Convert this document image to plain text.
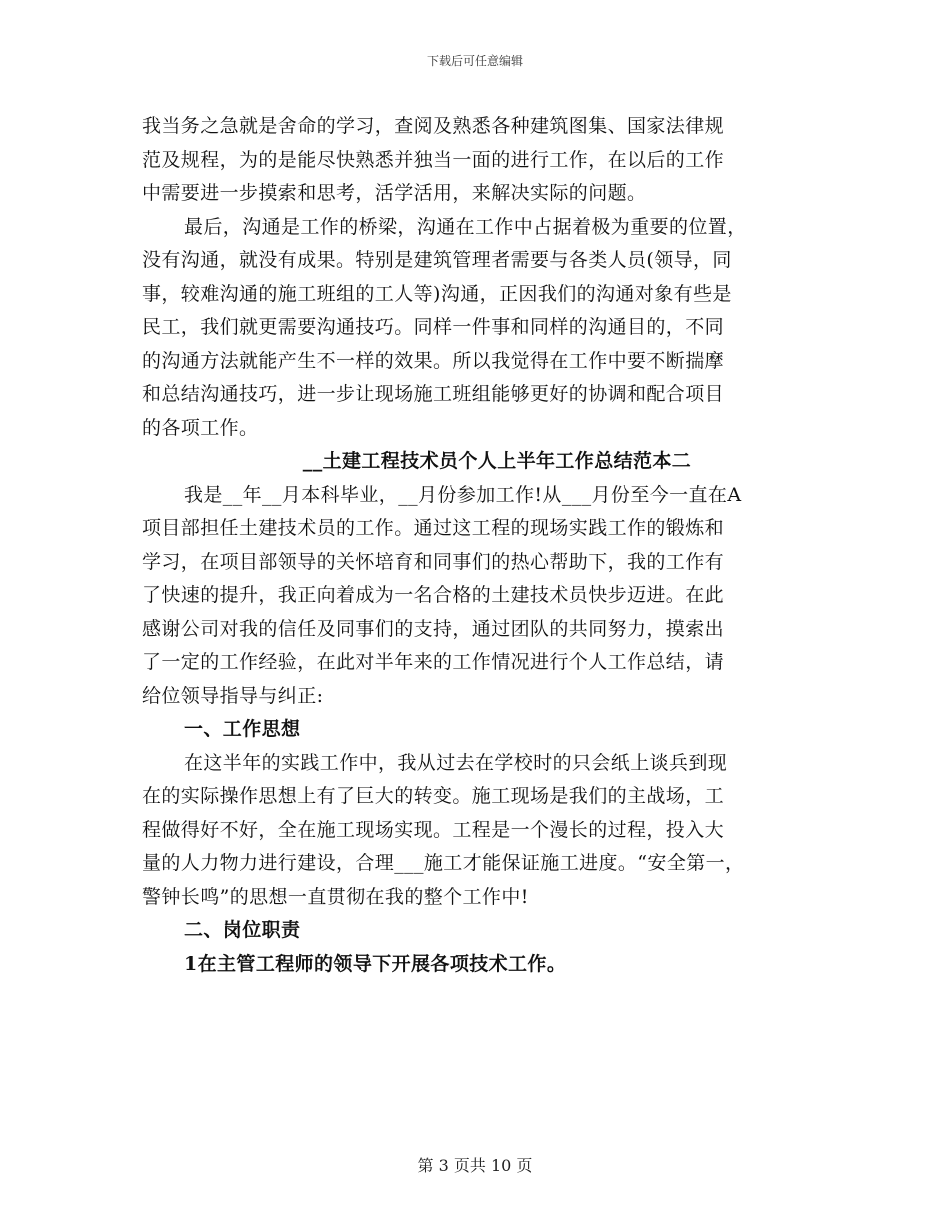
下载后可任意编辑
我当务之急就是舍命的学习，查阅及熟悉各种建筑图集、国家法律规
范及规程，为的是能尽快熟悉并独当一面的进行工作，在以后的工作
中需要进一步摸索和思考，活学活用，来解决实际的问题。
最后，沟通是工作的桥梁，沟通在工作中占据着极为重要的位置，
没有沟通，就没有成果。特别是建筑管理者需要与各类人员(领导，同
事，较难沟通的施工班组的工人等)沟通，正因我们的沟通对象有些是
民工，我们就更需要沟通技巧。同样一件事和同样的沟通目的，不同
的沟通方法就能产生不一样的效果。所以我觉得在工作中要不断揣摩
和总结沟通技巧，进一步让现场施工班组能够更好的协调和配合项目
的各项工作。
__土建工程技术员个人上半年工作总结范本二
我是__年__月本科毕业，__月份参加工作!从___月份至今一直在A
项目部担任土建技术员的工作。通过这工程的现场实践工作的锻炼和
学习，在项目部领导的关怀培育和同事们的热心帮助下，我的工作有
了快速的提升，我正向着成为一名合格的土建技术员快步迈进。在此
感谢公司对我的信任及同事们的支持，通过团队的共同努力，摸索出
了一定的工作经验，在此对半年来的工作情况进行个人工作总结，请
给位领导指导与纠正:
一、工作思想
在这半年的实践工作中，我从过去在学校时的只会纸上谈兵到现
在的实际操作思想上有了巨大的转变。施工现场是我们的主战场，工
程做得好不好，全在施工现场实现。工程是一个漫长的过程，投入大
量的人力物力进行建设，合理___施工才能保证施工进度。“安全第一，
警钟长鸣”的思想一直贯彻在我的整个工作中!
二、岗位职责
1在主管工程师的领导下开展各项技术工作。
第 3 页共 10 页
